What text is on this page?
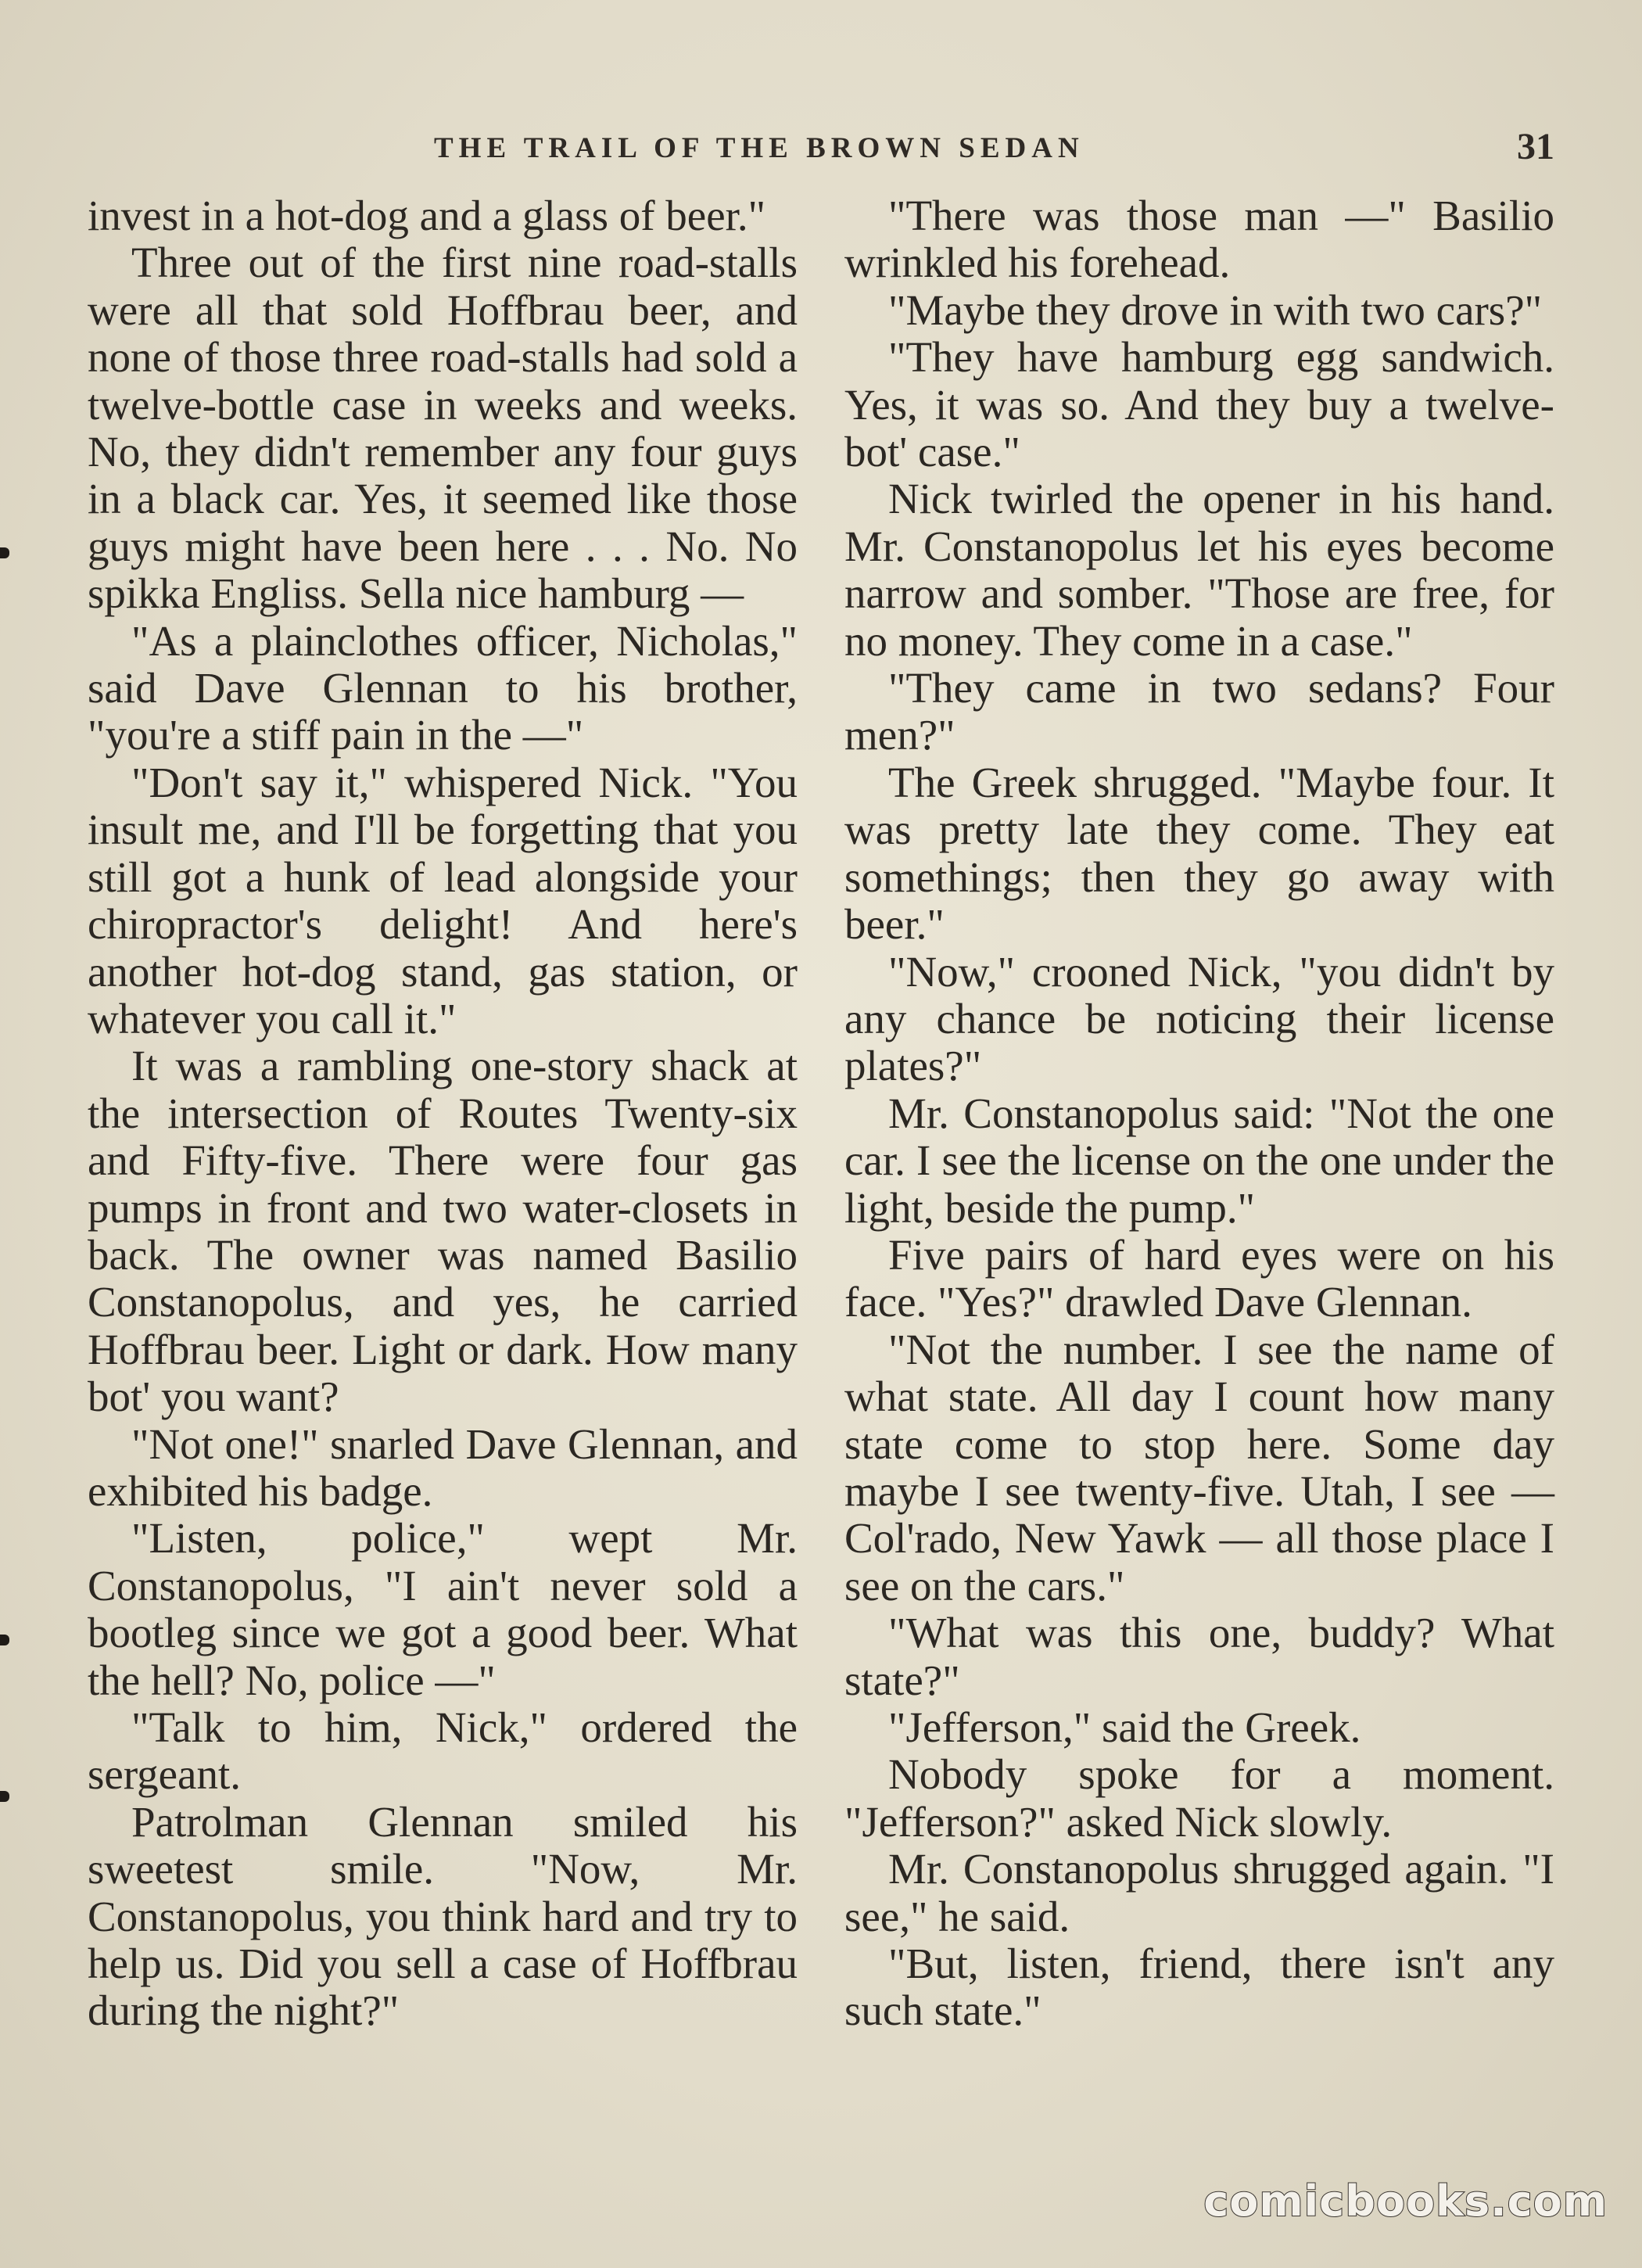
THE TRAIL OF THE BROWN SEDAN	31

invest in a hot-dog and a glass of beer."

Three out of the first nine road-stalls were all that sold Hoffbrau beer, and none of those three road-stalls had sold a twelve-bottle case in weeks and weeks. No, they didn't remember any four guys in a black car. Yes, it seemed like those guys might have been here . . . No. No spikka Engliss. Sella nice hamburg —

"As a plainclothes officer, Nicholas," said Dave Glennan to his brother, "you're a stiff pain in the —"

"Don't say it," whispered Nick. "You insult me, and I'll be forgetting that you still got a hunk of lead alongside your chiropractor's delight! And here's another hot-dog stand, gas station, or whatever you call it."

It was a rambling one-story shack at the intersection of Routes Twenty-six and Fifty-five. There were four gas pumps in front and two water-closets in back. The owner was named Basilio Constanopolus, and yes, he carried Hoffbrau beer. Light or dark. How many bot' you want?

"Not one!" snarled Dave Glennan, and exhibited his badge.

"Listen, police," wept Mr. Constanopolus, "I ain't never sold a bootleg since we got a good beer. What the hell? No, police —"

"Talk to him, Nick," ordered the sergeant.

Patrolman Glennan smiled his sweetest smile. "Now, Mr. Constanopolus, you think hard and try to help us. Did you sell a case of Hoffbrau during the night?"

"There was those man —" Basilio wrinkled his forehead.

"Maybe they drove in with two cars?"

"They have hamburg egg sandwich. Yes, it was so. And they buy a twelve-bot' case."

Nick twirled the opener in his hand. Mr. Constanopolus let his eyes become narrow and somber. "Those are free, for no money. They come in a case."

"They came in two sedans? Four men?"

The Greek shrugged. "Maybe four. It was pretty late they come. They eat somethings; then they go away with beer."

"Now," crooned Nick, "you didn't by any chance be noticing their license plates?"

Mr. Constanopolus said: "Not the one car. I see the license on the one under the light, beside the pump."

Five pairs of hard eyes were on his face. "Yes?" drawled Dave Glennan.

"Not the number. I see the name of what state. All day I count how many state come to stop here. Some day maybe I see twenty-five. Utah, I see — Col'rado, New Yawk — all those place I see on the cars."

"What was this one, buddy? What state?"

"Jefferson," said the Greek.

Nobody spoke for a moment. "Jefferson?" asked Nick slowly.

Mr. Constanopolus shrugged again. "I see," he said.

"But, listen, friend, there isn't any such state."

comicbooks.com
